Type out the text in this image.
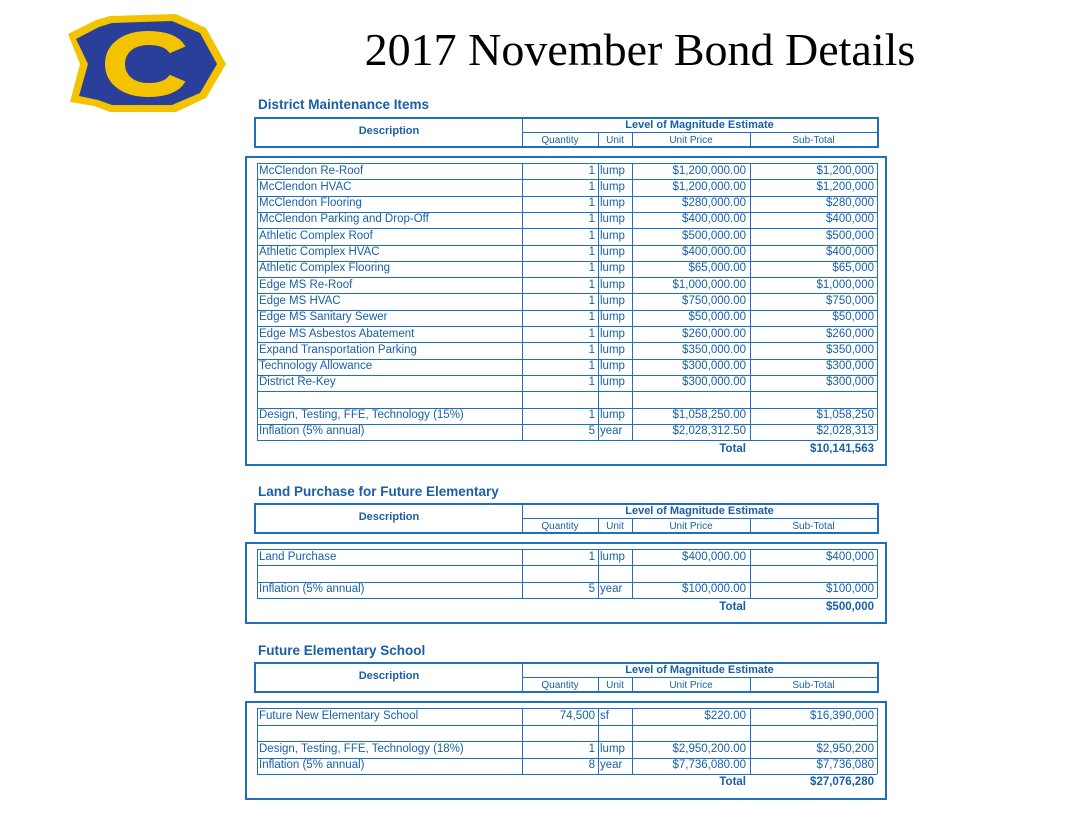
2017 November Bond Details
District Maintenance Items
Description	Level of Magnitude Estimate
Quantity	Unit	Unit Price	Sub-Total
McClendon Re-Roof	1 lump	$1,200,000.00	$1,200,000
McClendon HVAC	1 lump	$1,200,000.00	$1,200,000
McClendon Flooring	1 lump	$280,000.00	$280,000
McClendon Parking and Drop-Off	1 lump	$400,000.00	$400,000
Athletic Complex Roof	1 lump	$500,000.00	$500,000
Athletic Complex HVAC	1 lump	$400,000.00	$400,000
Athletic Complex Flooring	1 lump	$65,000.00	$65,000
Edge MS Re-Roof	1 lump	$1,000,000.00	$1,000,000
Edge MS HVAC	1 lump	$750,000.00	$750,000
Edge MS Sanitary Sewer	1 lump	$50,000.00	$50,000
Edge MS Asbestos Abatement	1 lump	$260,000.00	$260,000
Expand Transportation Parking	1 lump	$350,000.00	$350,000
Technology Allowance	1 lump	$300,000.00	$300,000
District Re-Key	1 lump	$300,000.00	$300,000
Design, Testing, FFE, Technology (15%)	1 lump	$1,058,250.00	$1,058,250
Inflation (5% annual)	5 year	$2,028,312.50	$2,028,313
Total	$10,141,563
Land Purchase for Future Elementary
Description	Level of Magnitude Estimate
Quantity	Unit	Unit Price	Sub-Total
Land Purchase	1 lump	$400,000.00	$400,000
Inflation (5% annual)	5 year	$100,000.00	$100,000
Total	$500,000
Future Elementary School
Description	Level of Magnitude Estimate
Quantity	Unit	Unit Price	Sub-Total
Future New Elementary School	74,500 sf	$220.00	$16,390,000
Design, Testing, FFE, Technology (18%)	1 lump	$2,950,200.00	$2,950,200
Inflation (5% annual)	8 year	$7,736,080.00	$7,736,080
Total	$27,076,280
